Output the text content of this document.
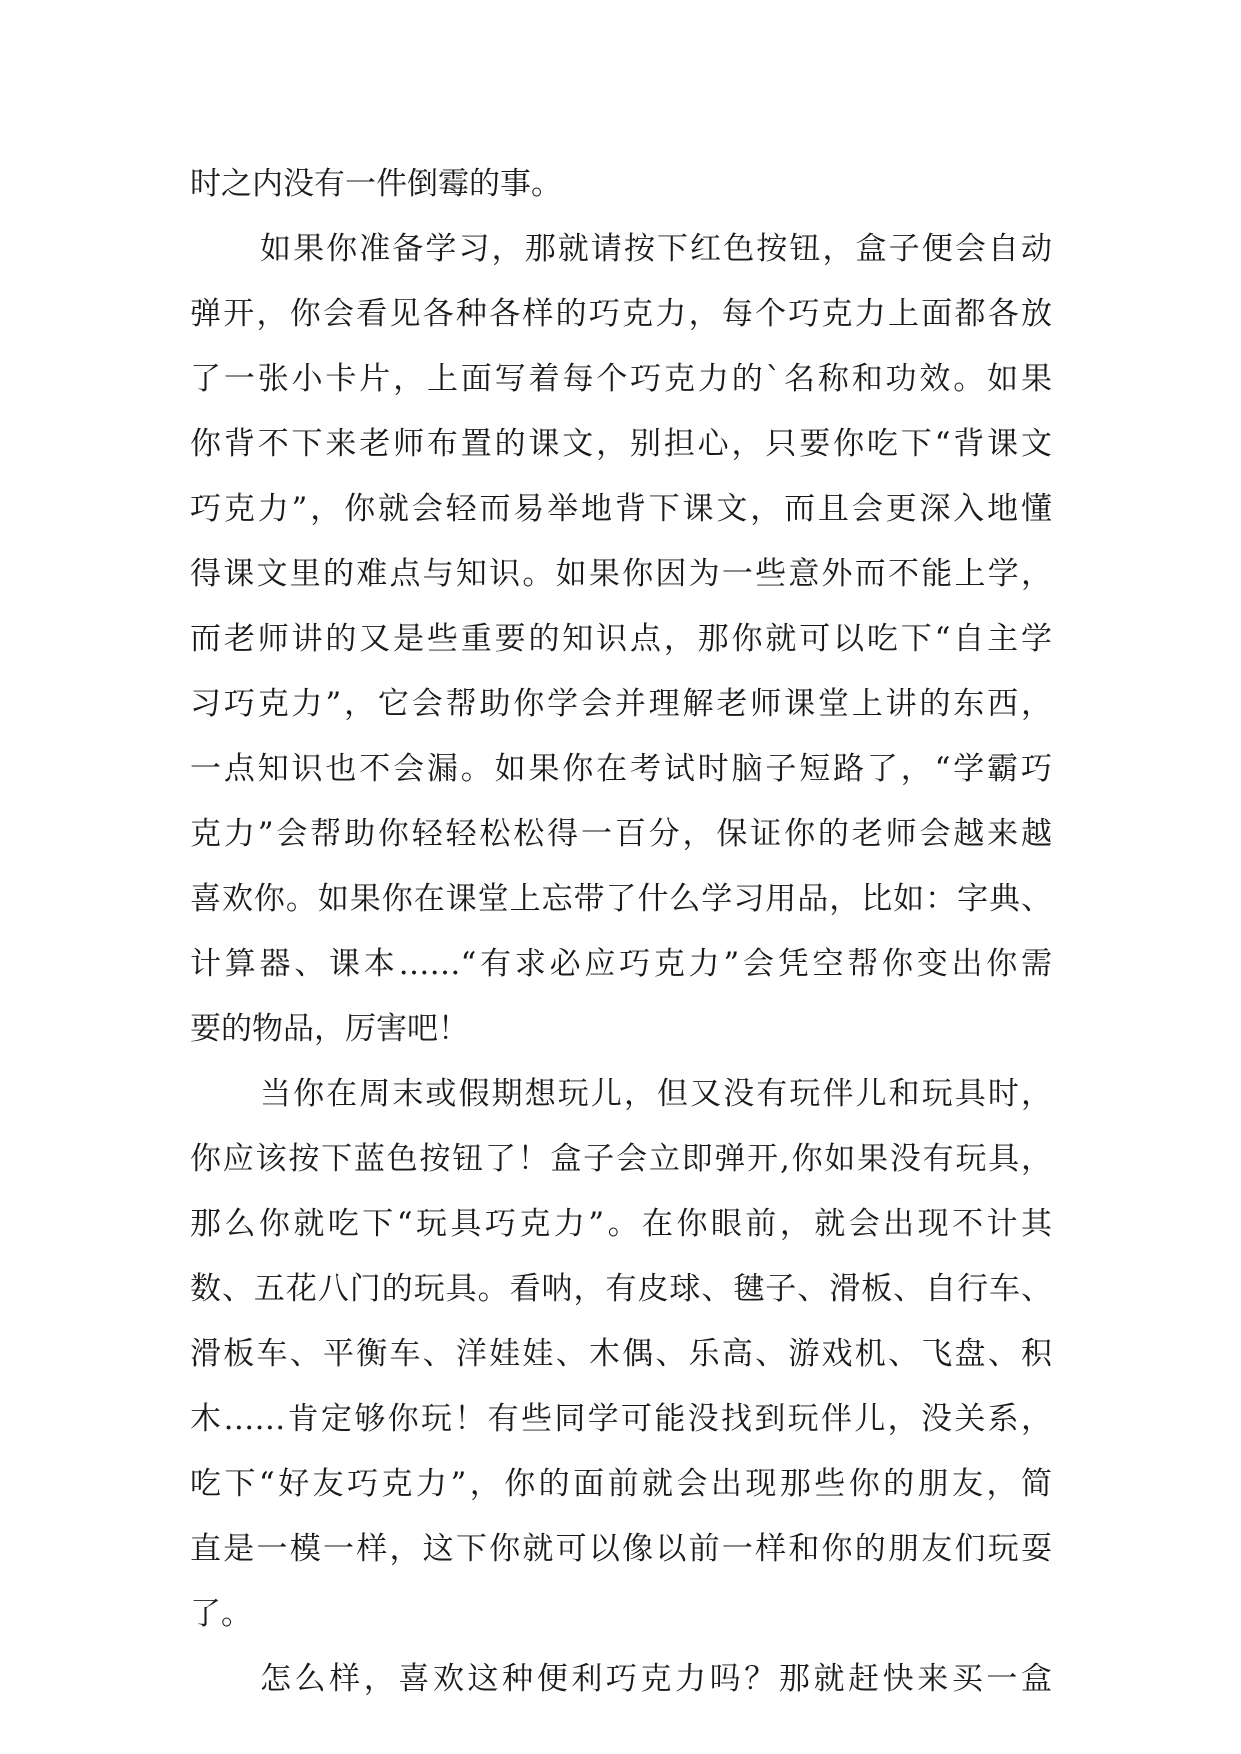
时之内没有一件倒霉的事。
如果你准备学习，那就请按下红色按钮，盒子便会自动
弹开，你会看见各种各样的巧克力，每个巧克力上面都各放
了一张小卡片，上面写着每个巧克力的`名称和功效。如果
你背不下来老师布置的课文，别担心，只要你吃下“背课文
巧克力”，你就会轻而易举地背下课文，而且会更深入地懂
得课文里的难点与知识。如果你因为一些意外而不能上学，
而老师讲的又是些重要的知识点，那你就可以吃下“自主学
习巧克力”，它会帮助你学会并理解老师课堂上讲的东西，
一点知识也不会漏。如果你在考试时脑子短路了，“学霸巧
克力”会帮助你轻轻松松得一百分，保证你的老师会越来越
喜欢你。如果你在课堂上忘带了什么学习用品，比如：字典、
计算器、课本……“有求必应巧克力”会凭空帮你变出你需
要的物品，厉害吧！
当你在周末或假期想玩儿，但又没有玩伴儿和玩具时，
你应该按下蓝色按钮了！盒子会立即弹开,你如果没有玩具，
那么你就吃下“玩具巧克力”。在你眼前，就会出现不计其
数、五花八门的玩具。看呐，有皮球、毽子、滑板、自行车、
滑板车、平衡车、洋娃娃、木偶、乐高、游戏机、飞盘、积
木……肯定够你玩！有些同学可能没找到玩伴儿，没关系，
吃下“好友巧克力”，你的面前就会出现那些你的朋友，简
直是一模一样，这下你就可以像以前一样和你的朋友们玩耍
了。
怎么样，喜欢这种便利巧克力吗？那就赶快来买一盒
